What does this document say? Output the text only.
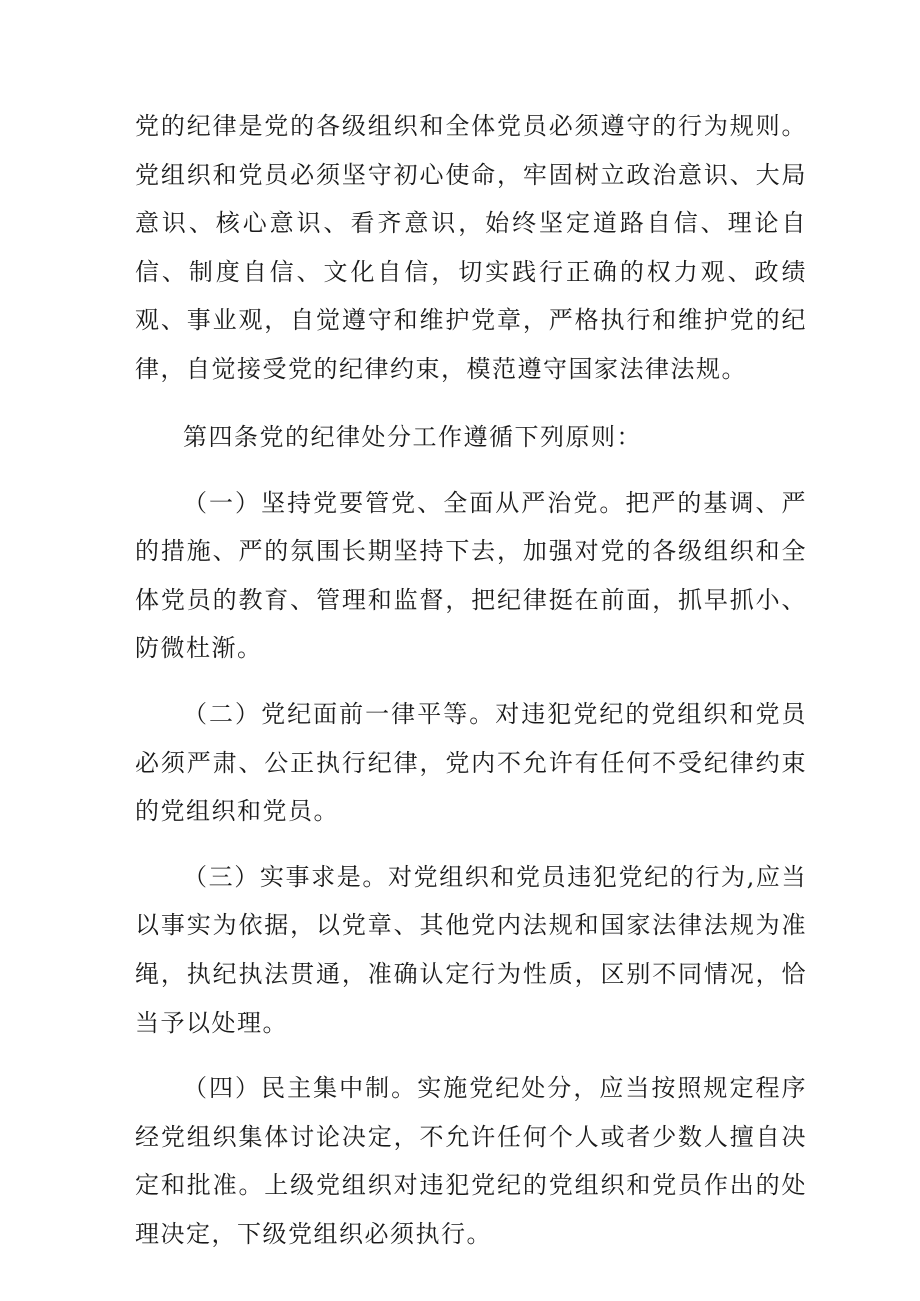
党的纪律是党的各级组织和全体党员必须遵守的行为规则。党组织和党员必须坚守初心使命，牢固树立政治意识、大局意识、核心意识、看齐意识，始终坚定道路自信、理论自信、制度自信、文化自信，切实践行正确的权力观、政绩观、事业观，自觉遵守和维护党章，严格执行和维护党的纪律，自觉接受党的纪律约束，模范遵守国家法律法规。

第四条党的纪律处分工作遵循下列原则：

（一）坚持党要管党、全面从严治党。把严的基调、严的措施、严的氛围长期坚持下去，加强对党的各级组织和全体党员的教育、管理和监督，把纪律挺在前面，抓早抓小、防微杜渐。

（二）党纪面前一律平等。对违犯党纪的党组织和党员必须严肃、公正执行纪律，党内不允许有任何不受纪律约束的党组织和党员。

（三）实事求是。对党组织和党员违犯党纪的行为,应当以事实为依据，以党章、其他党内法规和国家法律法规为准绳，执纪执法贯通，准确认定行为性质，区别不同情况，恰当予以处理。

（四）民主集中制。实施党纪处分，应当按照规定程序经党组织集体讨论决定，不允许任何个人或者少数人擅自决定和批准。上级党组织对违犯党纪的党组织和党员作出的处理决定，下级党组织必须执行。
